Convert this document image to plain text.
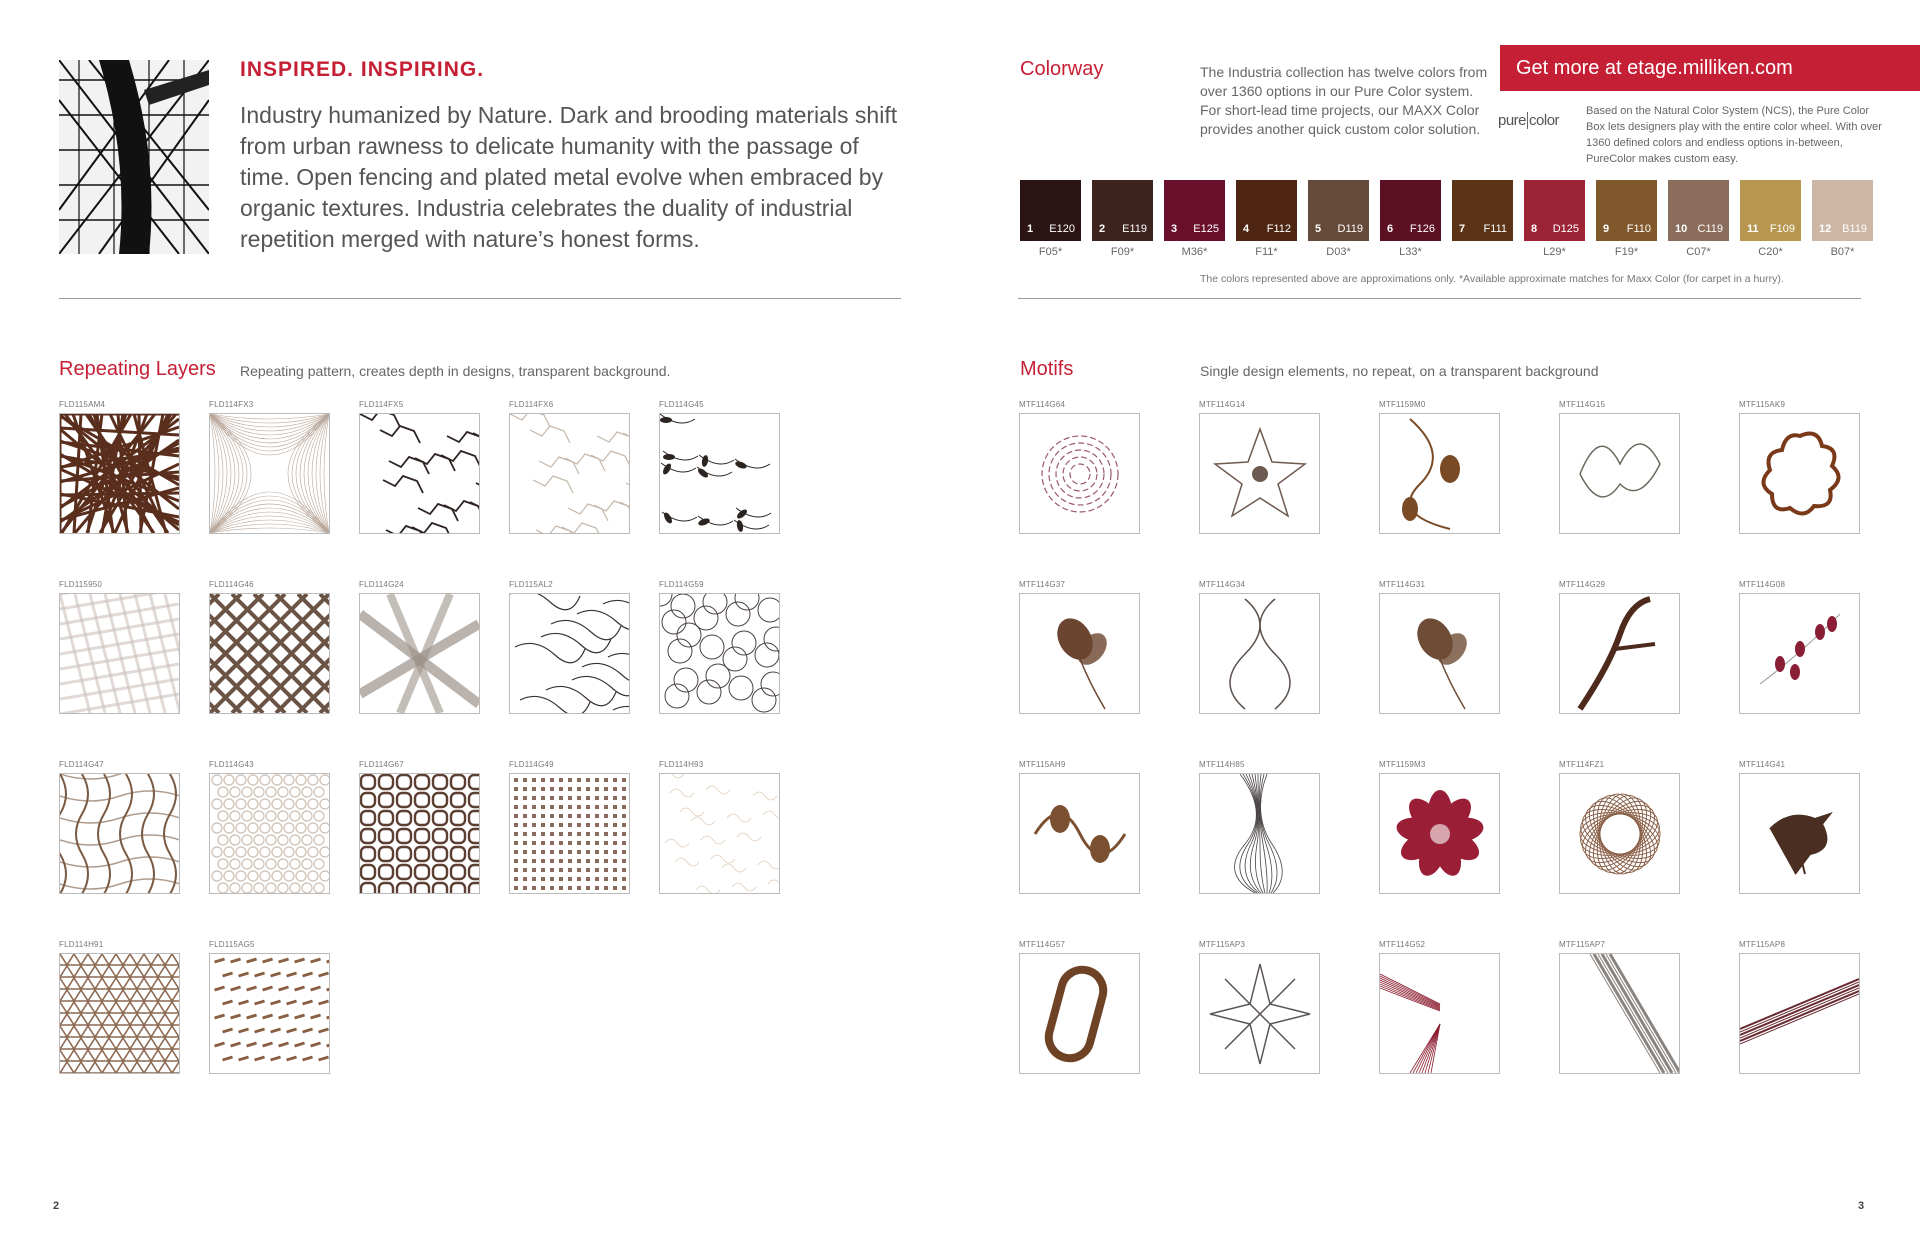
INSPIRED. INSPIRING.
Industry humanized by Nature. Dark and brooding materials shift from urban rawness to delicate humanity with the passage of time. Open fencing and plated metal evolve when embraced by organic textures. Industria celebrates the duality of industrial repetition merged with nature’s honest forms.
Repeating Layers Repeating pattern, creates depth in designs, transparent background.
FLD115AM4	FLD114FX3	FLD114FX5	FLD114FX6	FLD114G45
FLD115950	FLD114G46	FLD114G24	FLD115AL2	FLD114G59
FLD114G47	FLD114G43	FLD114G67	FLD114G49	FLD114H93
FLD114H91	FLD115AG5
2
Colorway	The Industria collection has twelve colors from over 1360 options in our Pure Color system. For short-lead time projects, our MAXX Color provides another quick custom color solution.
Get more at etage.milliken.com
pure color
Based on the Natural Color System (NCS), the Pure Color Box lets designers play with the entire color wheel. With over 1360 defined colors and endless options in-between, PureColor makes custom easy.
1 E120
F05*
2 E119
F09*
3 E125
M36*
4 F112
F11*
5 D119
D03*
6 F126
L33*
7 F111 8 D125
L29*
9 F110
F19*
10 C119
C07*
11 F109
C20*
12 B119
B07*
The colors represented above are approximations only. *Available approximate matches for Maxx Color (for carpet in a hurry).
Motifs	Single design elements, no repeat, on a transparent background
MTF114G64	MTF114G14	MTF1159M0	MTF114G15	MTF115AK9
MTF114G37	MTF114G34	MTF114G31	MTF114G29	MTF114G08
MTF115AH9	MTF114H85	MTF1159M3	MTF114FZ1	MTF114G41
MTF114G57	MTF115AP3	MTF114G52	MTF115AP7	MTF115AP8
3
